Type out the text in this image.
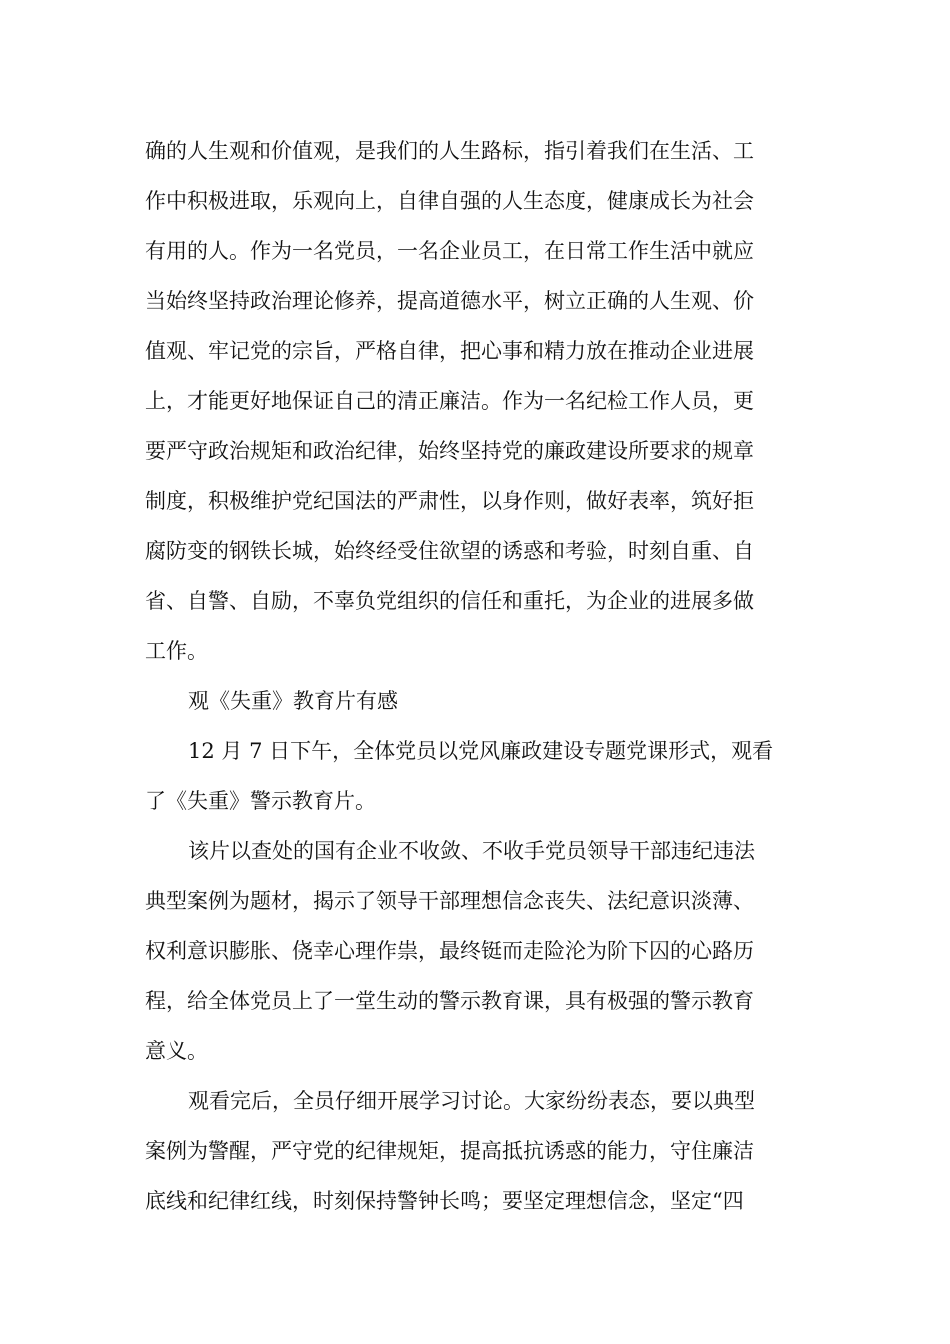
确的人生观和价值观，是我们的人生路标，指引着我们在生活、工
作中积极进取，乐观向上，自律自强的人生态度，健康成长为社会
有用的人。作为一名党员，一名企业员工，在日常工作生活中就应
当始终坚持政治理论修养，提高道德水平，树立正确的人生观、价
值观、牢记党的宗旨，严格自律，把心事和精力放在推动企业进展
上，才能更好地保证自己的清正廉洁。作为一名纪检工作人员，更
要严守政治规矩和政治纪律，始终坚持党的廉政建设所要求的规章
制度，积极维护党纪国法的严肃性，以身作则，做好表率，筑好拒
腐防变的钢铁长城，始终经受住欲望的诱惑和考验，时刻自重、自
省、自警、自励，不辜负党组织的信任和重托，为企业的进展多做
工作。
观《失重》教育片有感
12 月 7 日下午，全体党员以党风廉政建设专题党课形式，观看
了《失重》警示教育片。
该片以查处的国有企业不收敛、不收手党员领导干部违纪违法
典型案例为题材，揭示了领导干部理想信念丧失、法纪意识淡薄、
权利意识膨胀、侥幸心理作祟，最终铤而走险沦为阶下囚的心路历
程，给全体党员上了一堂生动的警示教育课，具有极强的警示教育
意义。
观看完后，全员仔细开展学习讨论。大家纷纷表态，要以典型
案例为警醒，严守党的纪律规矩，提高抵抗诱惑的能力，守住廉洁
底线和纪律红线，时刻保持警钟长鸣；要坚定理想信念，坚定“四
